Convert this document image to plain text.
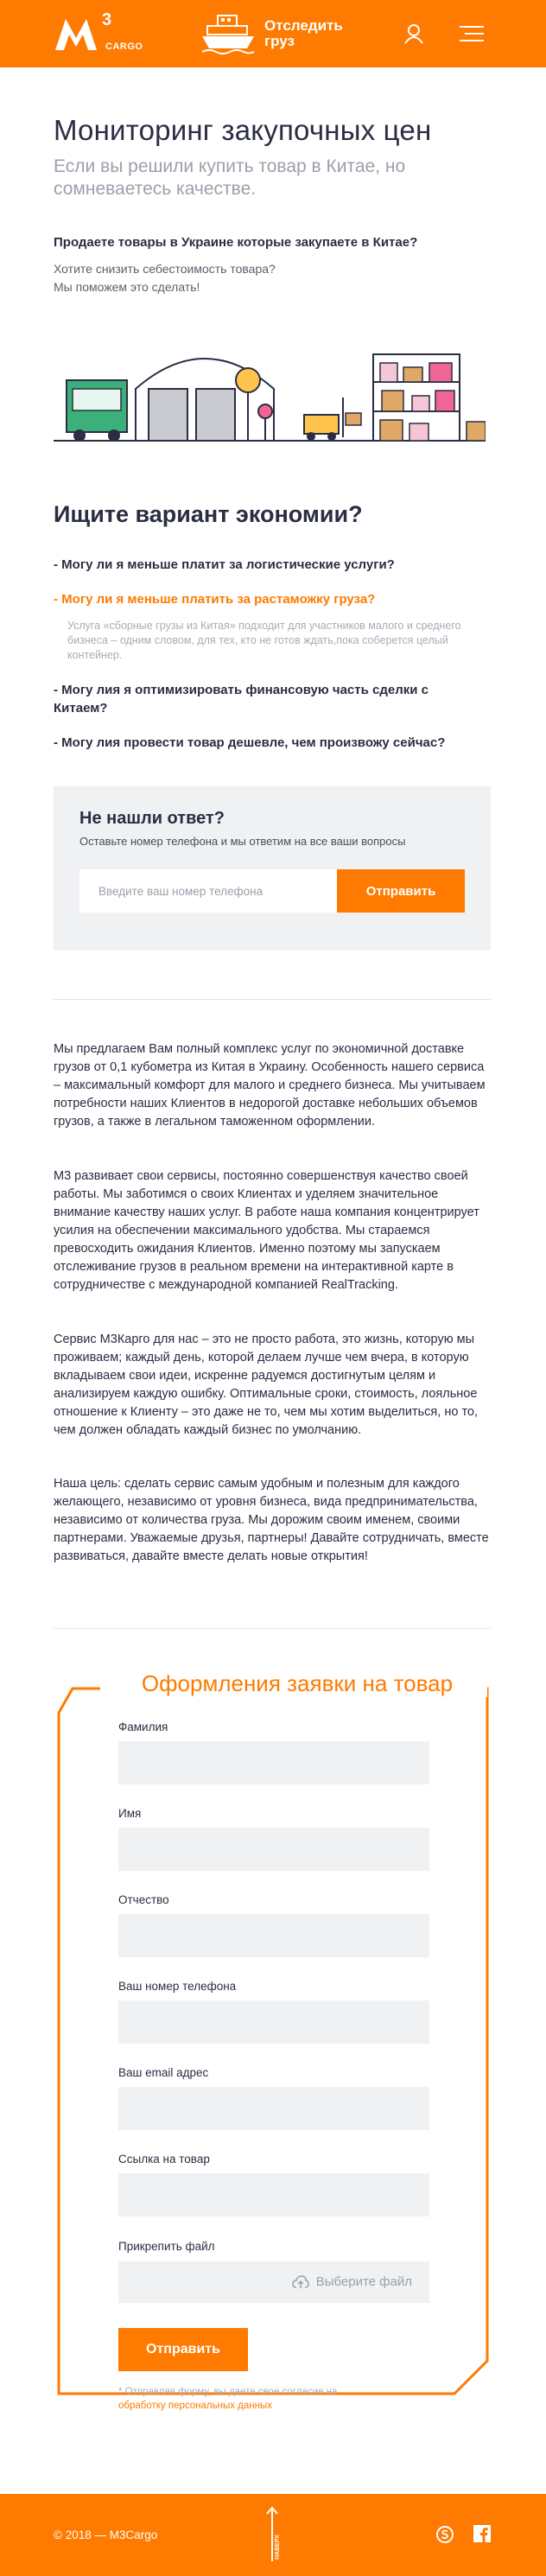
3
CARGO
Отследить груз
Мониторинг закупочных цен

Если вы решили купить товар в Китае, но сомневаетесь качестве.

Продаете товары в Украине которые закупаете в Китае?

Хотите снизить себестоимость товара?

Мы поможем это сделать!

Ищите вариант экономии?
- Могу ли я меньше платит за логистические услуги?
- Могу ли я меньше платить за растаможку груза?
Услуга «сборные грузы из Китая» подходит для участников малого и среднего бизнеса – одним словом, для тех, кто не готов ждать,пока соберется целый контейнер.
- Могу лия я оптимизировать финансовую часть сделки с Китаем?
- Могу лия провести товар дешевле, чем произвожу сейчас?
Не нашли ответ?
Оставьте номер телефона и мы ответим на все ваши вопросы
Введите ваш номер телефона
Отправить

Мы предлагаем Вам полный комплекс услуг по экономичной доставке грузов от 0,1 кубометра из Китая в Украину. Особенность нашего сервиса – максимальный комфорт для малого и среднего бизнеса. Мы учитываем потребности наших Клиентов в недорогой доставке небольших объемов грузов, а также в легальном таможенном оформлении.

М3 развивает свои сервисы, постоянно совершенствуя качество своей работы. Мы заботимся о своих Клиентах и уделяем значительное внимание качеству наших услуг. В работе наша компания концентрирует усилия на обеспечении максимального удобства. Мы стараемся превосходить ожидания Клиентов. Именно поэтому мы запускаем отслеживание грузов в реальном времени на интерактивной карте в сотрудничестве с международной компанией RealTracking.

Сервис М3Карго для нас – это не просто работа, это жизнь, которую мы проживаем; каждый день, которой делаем лучше чем вчера, в которую вкладываем свои идеи, искренне радуемся достигнутым целям и анализируем каждую ошибку. Оптимальные сроки, стоимость, лояльное отношение к Клиенту – это даже не то, чем мы хотим выделиться, но то, чем должен обладать каждый бизнес по умолчанию.

Наша цель: сделать сервис самым удобным и полезным для каждого желающего, независимо от уровня бизнеса, вида предпринимательства, независимо от количества груза. Мы дорожим своим именем, своими партнерами. Уважаемые друзья, партнеры! Давайте сотрудничать, вместе развиваться, давайте вместе делать новые открытия!

Оформления заявки на товар
Фамилия
Имя
Отчество
Ваш номер телефона
Ваш email адрес
Ссылка на товар
Прикрепить файл
Выберите файл
Отправить
* Отправляя форму, вы даете свое согласие на
обработку персональных данных
© 2018 — M3Cargo	НАВЕРХ
